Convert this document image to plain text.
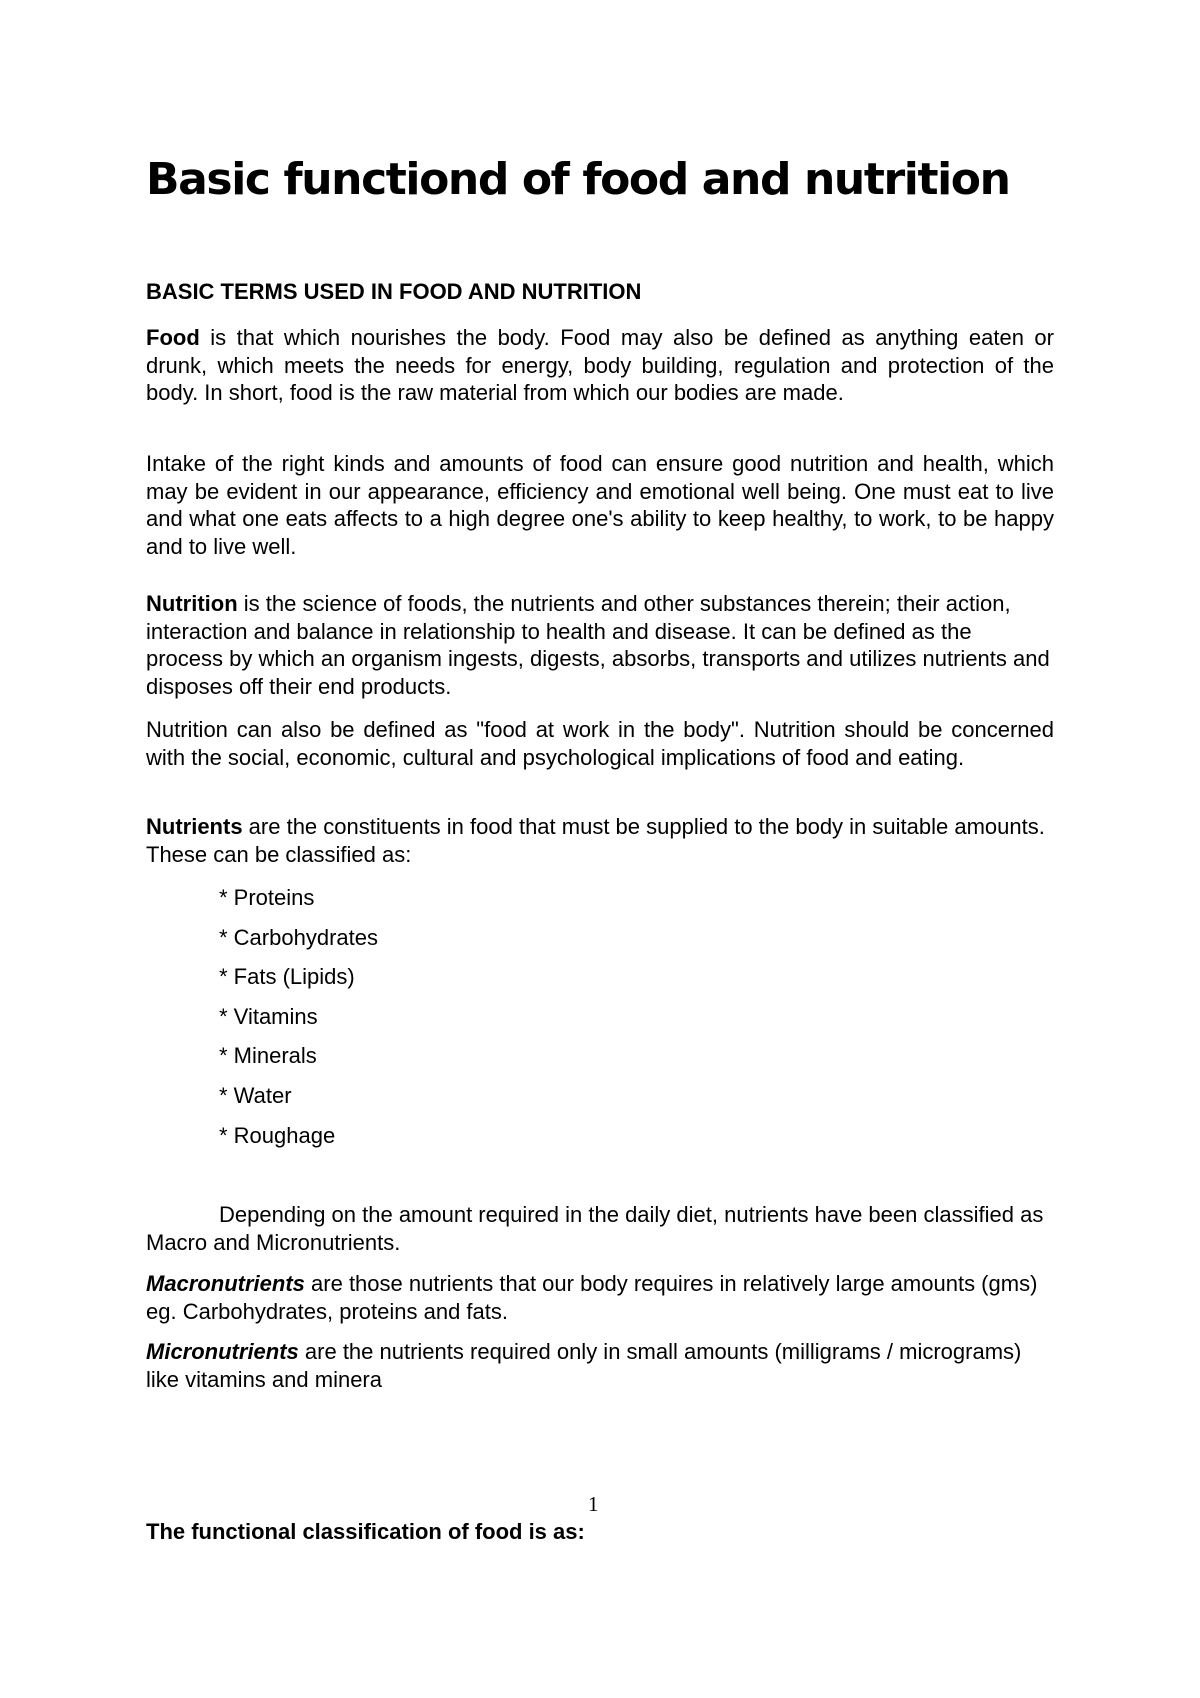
Basic functiond of food and nutrition
BASIC TERMS USED IN FOOD AND NUTRITION

Food is that which nourishes the body. Food may also be defined as anything eaten or drunk, which meets the needs for energy, body building, regulation and protection of the body. In short, food is the raw material from which our bodies are made.

Intake of the right kinds and amounts of food can ensure good nutrition and health, which may be evident in our appearance, efficiency and emotional well being. One must eat to live and what one eats affects to a high degree one's ability to keep healthy, to work, to be happy and to live well.

Nutrition is the science of foods, the nutrients and other substances therein; their action, interaction and balance in relationship to health and disease. It can be defined as the process by which an organism ingests, digests, absorbs, transports and utilizes nutrients and disposes off their end products.

Nutrition can also be defined as "food at work in the body". Nutrition should be concerned with the social, economic, cultural and psychological implications of food and eating.

Nutrients are the constituents in food that must be supplied to the body in suitable amounts. These can be classified as:

* Proteins
* Carbohydrates
* Fats (Lipids)
* Vitamins
* Minerals
* Water
* Roughage

Depending on the amount required in the daily diet, nutrients have been classified as Macro and Micronutrients.

Macronutrients are those nutrients that our body requires in relatively large amounts (gms) eg. Carbohydrates, proteins and fats.

Micronutrients are the nutrients required only in small amounts (milligrams / micrograms) like vitamins and minera

1

The functional classification of food is as:
